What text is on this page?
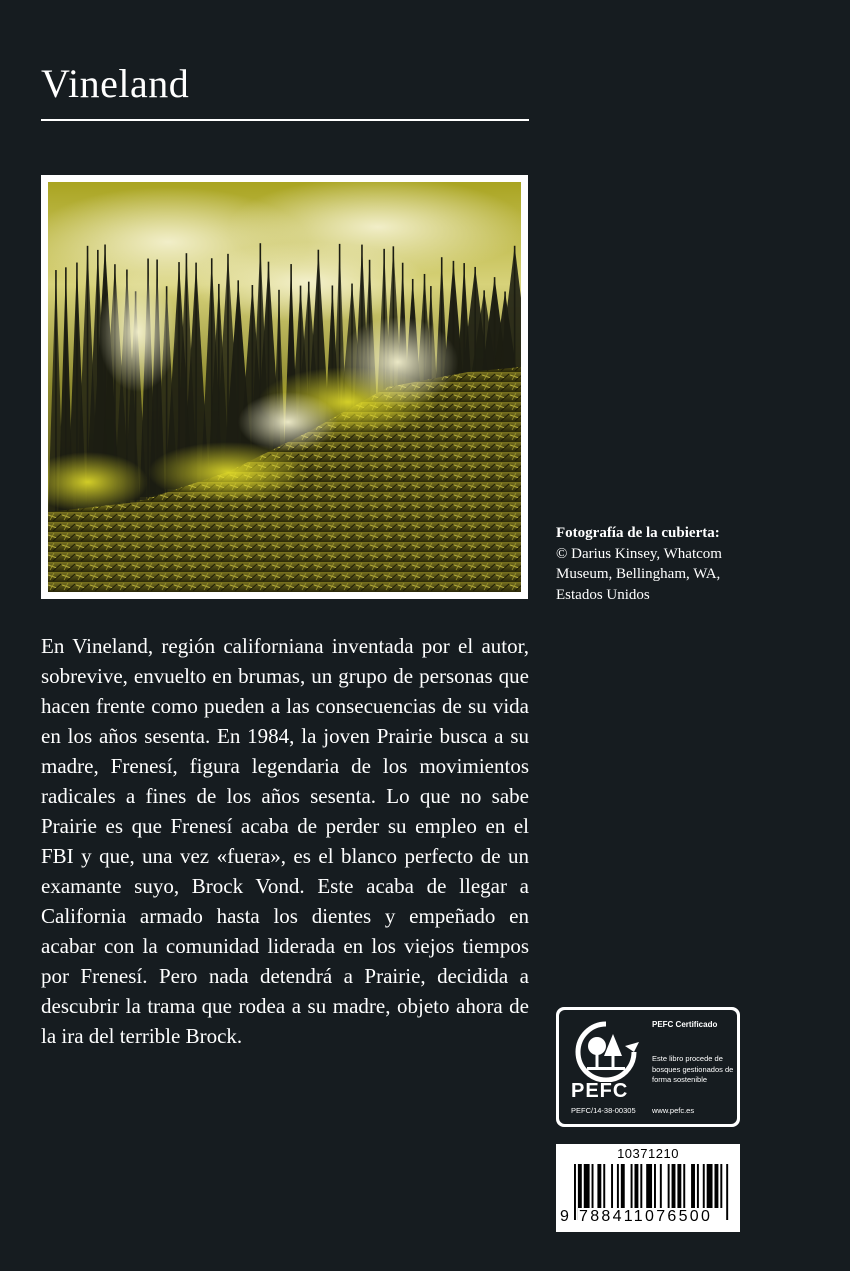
Vineland
Fotografía de la cubierta:
© Darius Kinsey, Whatcom
Museum, Bellingham, WA,
Estados Unidos

En Vineland, región californiana inventada por el autor, sobrevive, envuelto en brumas, un grupo de personas que hacen frente como pueden a las consecuencias de su vida en los años sesenta. En 1984, la joven Prairie busca a su madre, Frenesí, figura legendaria de los movimientos radicales a fines de los años sesenta. Lo que no sabe Prairie es que Frenesí acaba de perder su empleo en el FBI y que, una vez «fuera», es el blanco perfecto de un examante suyo, Brock Vond. Este acaba de llegar a California armado hasta los dientes y empeñado en acabar con la comunidad liderada en los viejos tiempos por Frenesí. Pero nada detendrá a Prairie, decidida a descubrir la trama que rodea a su madre, objeto ahora de la ira del terrible Brock.

PEFC
PEFC/14-38-00305
PEFC Certificado
Este libro procede de bosques gestionados de forma sostenible
www.pefc.es
10371210
9 788411076500
